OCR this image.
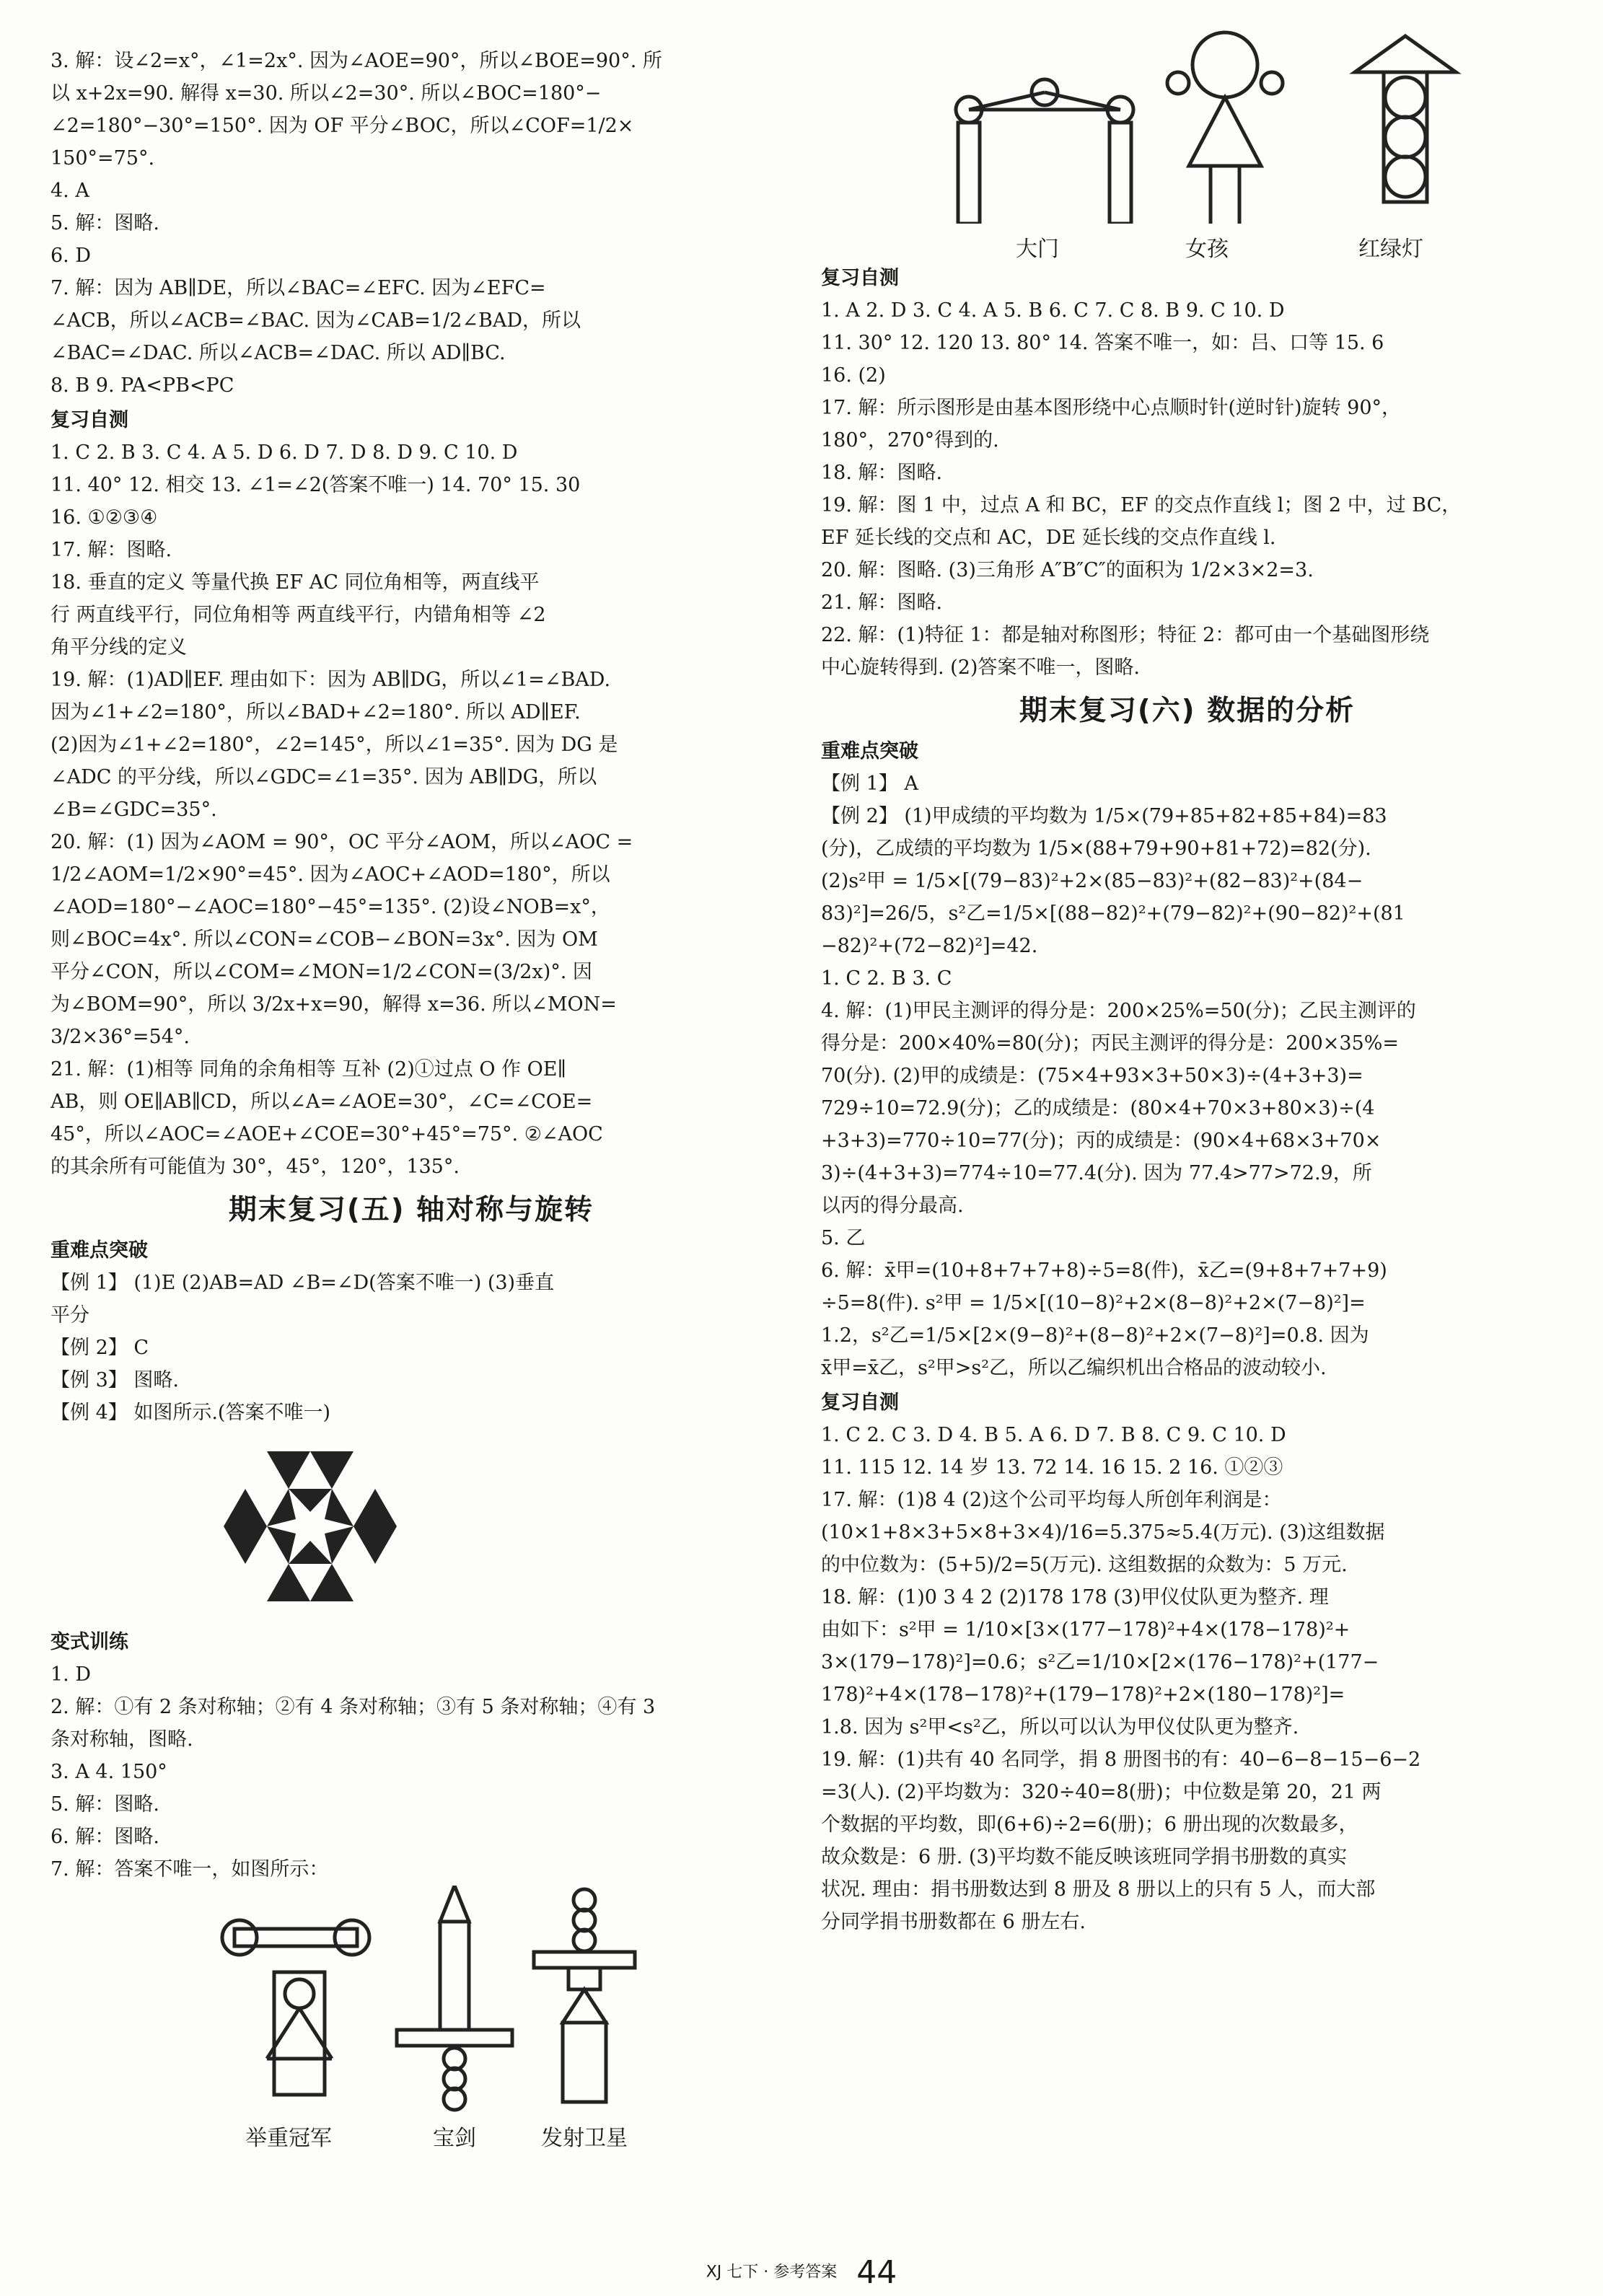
3. 解：设∠2=x°，∠1=2x°. 因为∠AOE=90°，所以∠BOE=90°. 所

以 x+2x=90. 解得 x=30. 所以∠2=30°. 所以∠BOC=180°−

∠2=180°−30°=150°. 因为 OF 平分∠BOC，所以∠COF=1/2×

150°=75°.

4. A

5. 解：图略.

6. D

7. 解：因为 AB∥DE，所以∠BAC=∠EFC. 因为∠EFC=

∠ACB，所以∠ACB=∠BAC. 因为∠CAB=1/2∠BAD，所以

∠BAC=∠DAC. 所以∠ACB=∠DAC. 所以 AD∥BC.

8. B 9. PA<PB<PC

复习自测

1. C 2. B 3. C 4. A 5. D 6. D 7. D 8. D 9. C 10. D

11. 40° 12. 相交 13. ∠1=∠2(答案不唯一) 14. 70° 15. 30

16. ①②③④

17. 解：图略.

18. 垂直的定义 等量代换 EF AC 同位角相等，两直线平

行 两直线平行，同位角相等 两直线平行，内错角相等 ∠2

角平分线的定义

19. 解：(1)AD∥EF. 理由如下：因为 AB∥DG，所以∠1=∠BAD.

因为∠1+∠2=180°，所以∠BAD+∠2=180°. 所以 AD∥EF.

(2)因为∠1+∠2=180°，∠2=145°，所以∠1=35°. 因为 DG 是

∠ADC 的平分线，所以∠GDC=∠1=35°. 因为 AB∥DG，所以

∠B=∠GDC=35°.

20. 解：(1) 因为∠AOM = 90°，OC 平分∠AOM，所以∠AOC =

1/2∠AOM=1/2×90°=45°. 因为∠AOC+∠AOD=180°，所以

∠AOD=180°−∠AOC=180°−45°=135°. (2)设∠NOB=x°，

则∠BOC=4x°. 所以∠CON=∠COB−∠BON=3x°. 因为 OM

平分∠CON，所以∠COM=∠MON=1/2∠CON=(3/2x)°. 因

为∠BOM=90°，所以 3/2x+x=90，解得 x=36. 所以∠MON=

3/2×36°=54°.

21. 解：(1)相等 同角的余角相等 互补 (2)①过点 O 作 OE∥

AB，则 OE∥AB∥CD，所以∠A=∠AOE=30°，∠C=∠COE=

45°，所以∠AOC=∠AOE+∠COE=30°+45°=75°. ②∠AOC

的其余所有可能值为 30°，45°，120°，135°.

期末复习(五) 轴对称与旋转
重难点突破

【例 1】 (1)E (2)AB=AD ∠B=∠D(答案不唯一) (3)垂直

平分

【例 2】 C

【例 3】 图略.

【例 4】 如图所示.(答案不唯一)

变式训练

1. D

2. 解：①有 2 条对称轴；②有 4 条对称轴；③有 5 条对称轴；④有 3

条对称轴，图略.

3. A 4. 150°

5. 解：图略.

6. 解：图略.

7. 解：答案不唯一，如图所示：

举重冠军	宝剑	发射卫星
大门	女孩	红绿灯
复习自测

1. A 2. D 3. C 4. A 5. B 6. C 7. C 8. B 9. C 10. D

11. 30° 12. 120 13. 80° 14. 答案不唯一，如：吕、口等 15. 6

16. (2)

17. 解：所示图形是由基本图形绕中心点顺时针(逆时针)旋转 90°，

180°，270°得到的.

18. 解：图略.

19. 解：图 1 中，过点 A 和 BC，EF 的交点作直线 l；图 2 中，过 BC，

EF 延长线的交点和 AC，DE 延长线的交点作直线 l.

20. 解：图略. (3)三角形 A″B″C″的面积为 1/2×3×2=3.

21. 解：图略.

22. 解：(1)特征 1：都是轴对称图形；特征 2：都可由一个基础图形绕

中心旋转得到. (2)答案不唯一，图略.

期末复习(六) 数据的分析
重难点突破

【例 1】 A

【例 2】 (1)甲成绩的平均数为 1/5×(79+85+82+85+84)=83

(分)，乙成绩的平均数为 1/5×(88+79+90+81+72)=82(分).

(2)s²甲 = 1/5×[(79−83)²+2×(85−83)²+(82−83)²+(84−

83)²]=26/5，s²乙=1/5×[(88−82)²+(79−82)²+(90−82)²+(81

−82)²+(72−82)²]=42.

1. C 2. B 3. C

4. 解：(1)甲民主测评的得分是：200×25%=50(分)；乙民主测评的

得分是：200×40%=80(分)；丙民主测评的得分是：200×35%=

70(分). (2)甲的成绩是：(75×4+93×3+50×3)÷(4+3+3)=

729÷10=72.9(分)；乙的成绩是：(80×4+70×3+80×3)÷(4

+3+3)=770÷10=77(分)；丙的成绩是：(90×4+68×3+70×

3)÷(4+3+3)=774÷10=77.4(分). 因为 77.4>77>72.9，所

以丙的得分最高.

5. 乙

6. 解：x̄甲=(10+8+7+7+8)÷5=8(件)，x̄乙=(9+8+7+7+9)

÷5=8(件). s²甲 = 1/5×[(10−8)²+2×(8−8)²+2×(7−8)²]=

1.2，s²乙=1/5×[2×(9−8)²+(8−8)²+2×(7−8)²]=0.8. 因为

x̄甲=x̄乙，s²甲>s²乙，所以乙编织机出合格品的波动较小.

复习自测

1. C 2. C 3. D 4. B 5. A 6. D 7. B 8. C 9. C 10. D

11. 115 12. 14 岁 13. 72 14. 16 15. 2 16. ①②③

17. 解：(1)8 4 (2)这个公司平均每人所创年利润是：

(10×1+8×3+5×8+3×4)/16=5.375≈5.4(万元). (3)这组数据

的中位数为：(5+5)/2=5(万元). 这组数据的众数为：5 万元.

18. 解：(1)0 3 4 2 (2)178 178 (3)甲仪仗队更为整齐. 理

由如下：s²甲 = 1/10×[3×(177−178)²+4×(178−178)²+

3×(179−178)²]=0.6；s²乙=1/10×[2×(176−178)²+(177−

178)²+4×(178−178)²+(179−178)²+2×(180−178)²]=

1.8. 因为 s²甲<s²乙，所以可以认为甲仪仗队更为整齐.

19. 解：(1)共有 40 名同学，捐 8 册图书的有：40−6−8−15−6−2

=3(人). (2)平均数为：320÷40=8(册)；中位数是第 20，21 两

个数据的平均数，即(6+6)÷2=6(册)；6 册出现的次数最多，

故众数是：6 册. (3)平均数不能反映该班同学捐书册数的真实

状况. 理由：捐书册数达到 8 册及 8 册以上的只有 5 人，而大部

分同学捐书册数都在 6 册左右.

XJ 七下 · 参考答案 44
